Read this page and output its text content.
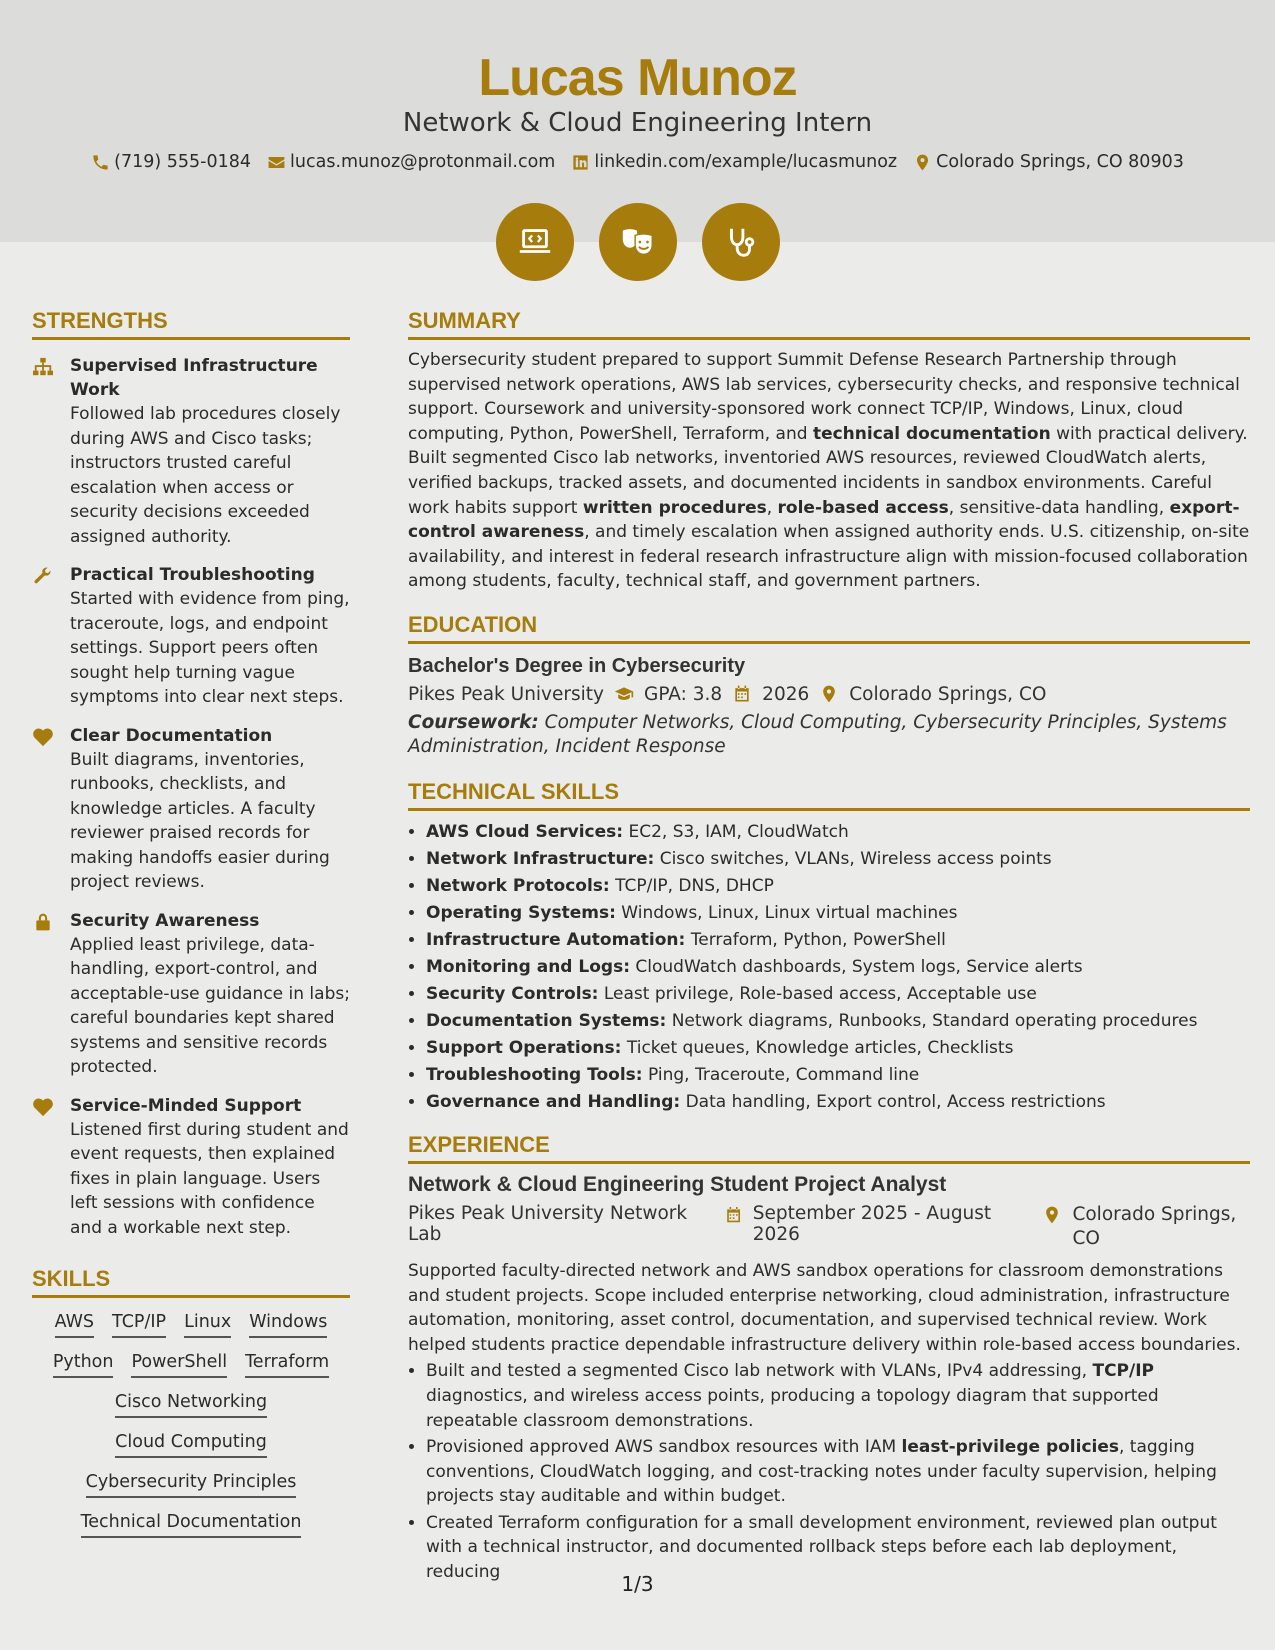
Lucas Munoz
Network & Cloud Engineering Intern
(719) 555-0184 lucas.munoz@protonmail.com linkedin.com/example/lucasmunoz Colorado Springs, CO 80903
STRENGTHS
Supervised Infrastructure Work
Followed lab procedures closely during AWS and Cisco tasks; instructors trusted careful escalation when access or security decisions exceeded assigned authority.
Practical Troubleshooting
Started with evidence from ping, traceroute, logs, and endpoint settings. Support peers often sought help turning vague symptoms into clear next steps.
Clear Documentation
Built diagrams, inventories, runbooks, checklists, and knowledge articles. A faculty reviewer praised records for making handoffs easier during project reviews.
Security Awareness
Applied least privilege, data-handling, export-control, and acceptable-use guidance in labs; careful boundaries kept shared systems and sensitive records protected.
Service-Minded Support
Listened first during student and event requests, then explained fixes in plain language. Users left sessions with confidence and a workable next step.
SKILLS
AWS TCP/IP Linux Windows
Python PowerShell Terraform
Cisco Networking
Cloud Computing
Cybersecurity Principles
Technical Documentation
SUMMARY

Cybersecurity student prepared to support Summit Defense Research Partnership through supervised network operations, AWS lab services, cybersecurity checks, and responsive technical support. Coursework and university-sponsored work connect TCP/IP, Windows, Linux, cloud computing, Python, PowerShell, Terraform, and technical documentation with practical delivery. Built segmented Cisco lab networks, inventoried AWS resources, reviewed CloudWatch alerts, verified backups, tracked assets, and documented incidents in sandbox environments. Careful work habits support written procedures, role-based access, sensitive-data handling, export-control awareness, and timely escalation when assigned authority ends. U.S. citizenship, on-site availability, and interest in federal research infrastructure align with mission-focused collaboration among students, faculty, technical staff, and government partners.

EDUCATION
Bachelor's Degree in Cybersecurity
Pikes Peak University GPA: 3.8 2026 Colorado Springs, CO
Coursework: Computer Networks, Cloud Computing, Cybersecurity Principles, Systems Administration, Incident Response
TECHNICAL SKILLS
• AWS Cloud Services: EC2, S3, IAM, CloudWatch
• Network Infrastructure: Cisco switches, VLANs, Wireless access points
• Network Protocols: TCP/IP, DNS, DHCP
• Operating Systems: Windows, Linux, Linux virtual machines
• Infrastructure Automation: Terraform, Python, PowerShell
• Monitoring and Logs: CloudWatch dashboards, System logs, Service alerts
• Security Controls: Least privilege, Role-based access, Acceptable use
• Documentation Systems: Network diagrams, Runbooks, Standard operating procedures
• Support Operations: Ticket queues, Knowledge articles, Checklists
• Troubleshooting Tools: Ping, Traceroute, Command line
• Governance and Handling: Data handling, Export control, Access restrictions
EXPERIENCE
Network & Cloud Engineering Student Project Analyst
Pikes Peak University Network Lab
September 2025 - August 2026
Colorado Springs, CO

Supported faculty-directed network and AWS sandbox operations for classroom demonstrations and student projects. Scope included enterprise networking, cloud administration, infrastructure automation, monitoring, asset control, documentation, and supervised technical review. Work helped students practice dependable infrastructure delivery within role-based access boundaries.

• Built and tested a segmented Cisco lab network with VLANs, IPv4 addressing, TCP/IP diagnostics, and wireless access points, producing a topology diagram that supported repeatable classroom demonstrations.
• Provisioned approved AWS sandbox resources with IAM least-privilege policies, tagging conventions, CloudWatch logging, and cost-tracking notes under faculty supervision, helping projects stay auditable and within budget.
• Created Terraform configuration for a small development environment, reviewed plan output with a technical instructor, and documented rollback steps before each lab deployment, reducing	1/3
